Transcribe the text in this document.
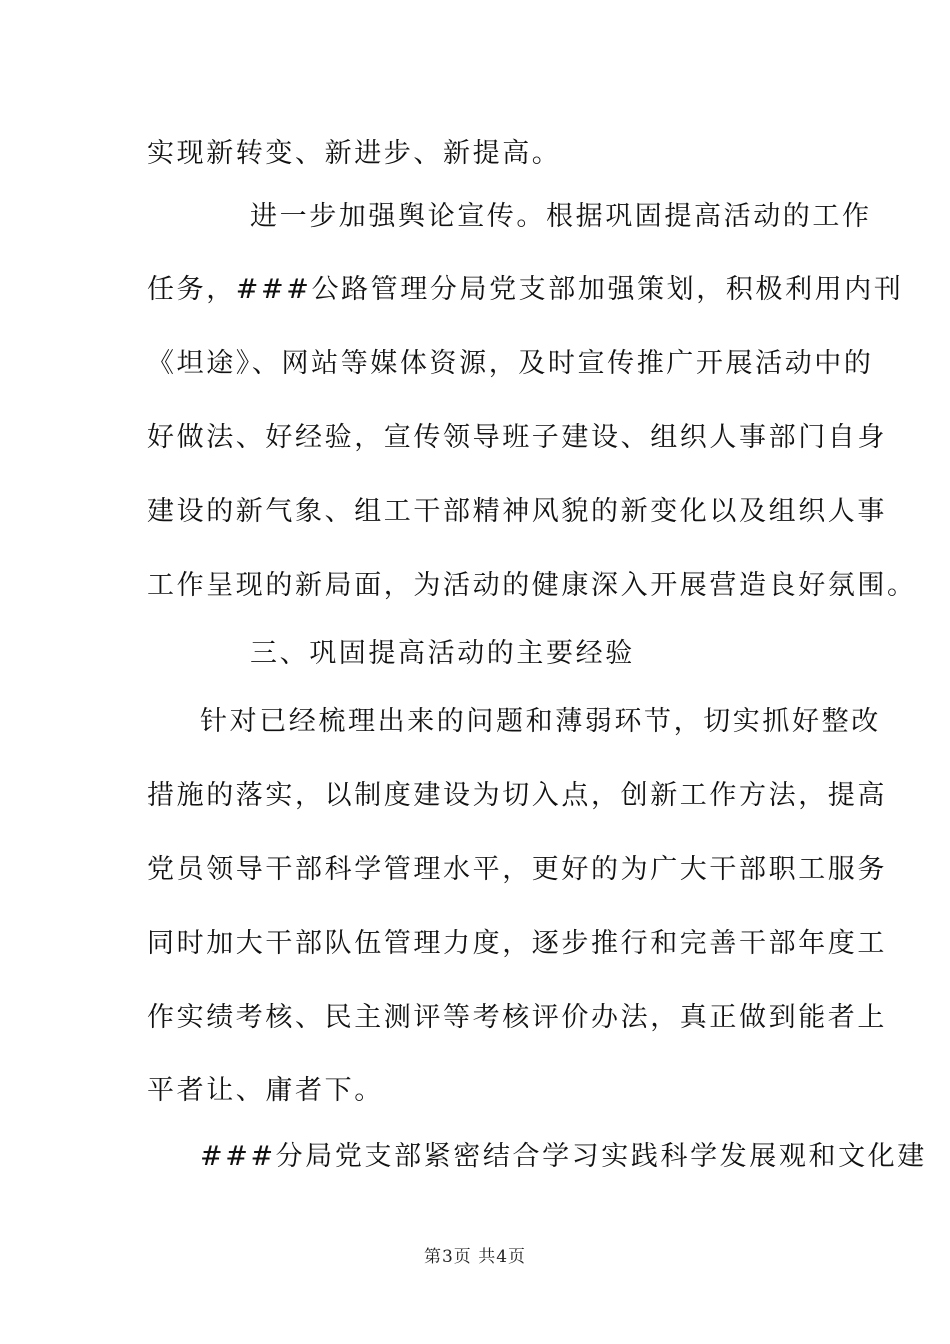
实现新转变、新进步、新提高。
进一步加强舆论宣传。根据巩固提高活动的工作
任务，###公路管理分局党支部加强策划，积极利用内刊
《坦途》、网站等媒体资源，及时宣传推广开展活动中的
好做法、好经验，宣传领导班子建设、组织人事部门自身
建设的新气象、组工干部精神风貌的新变化以及组织人事
工作呈现的新局面，为活动的健康深入开展营造良好氛围。
三、巩固提高活动的主要经验
针对已经梳理出来的问题和薄弱环节，切实抓好整改
措施的落实，以制度建设为切入点，创新工作方法，提高
党员领导干部科学管理水平，更好的为广大干部职工服务
同时加大干部队伍管理力度，逐步推行和完善干部年度工
作实绩考核、民主测评等考核评价办法，真正做到能者上
平者让、庸者下。
###分局党支部紧密结合学习实践科学发展观和文化建
第3页 共4页
